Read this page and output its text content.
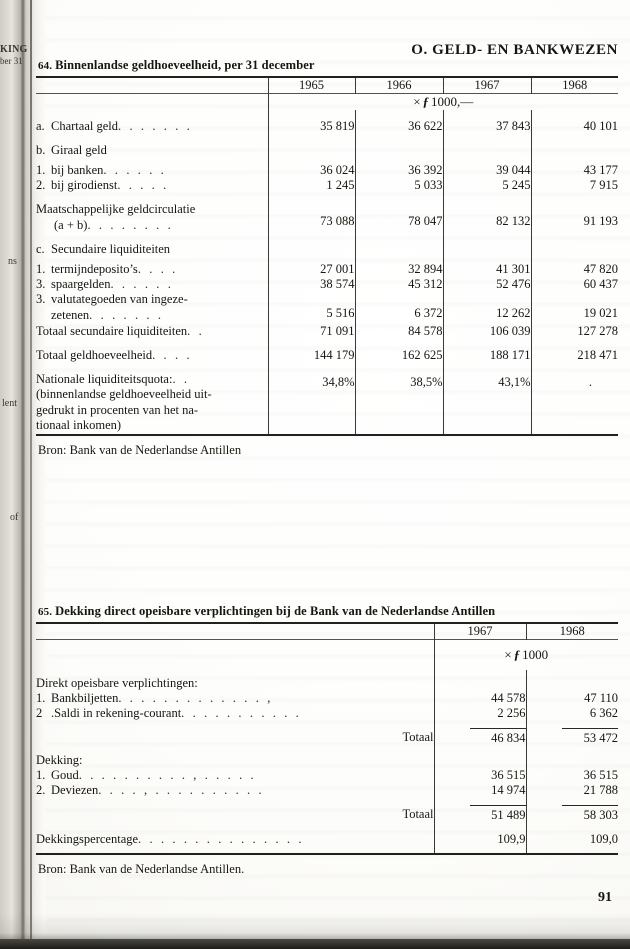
KING
ber 31
ns
lent
of
O. GELD- EN BANKWEZEN
64. Binnenlandse geldhoeveelheid, per 31 december
	1965	1966	1967	1968
	× ƒ 1000,—			

a. Chartaal geld. . . . . . .	35 819	36 622	37 843	40 101

b. Giraal geld				

1. bij banken. . . . . .	36 024	36 392	39 044	43 177
2. bij girodienst. . . . .	1 245	5 033	5 245	7 915

Maatschappelijke geldcirculatie
(a + b). . . . . . . .	73 088	78 047	82 132	91 193

c. Secundaire liquiditeiten				

1. termijndeposito’s. . . .	27 001	32 894	41 301	47 820
3. spaargelden. . . . . .	38 574	45 312	52 476	60 437
3. valutategoeden van ingeze-
zetenen. . . . . . .	5 516	6 372	12 262	19 021
Totaal secundaire liquiditeiten. .	71 091	84 578	106 039	127 278

Totaal geldhoeveelheid. . . .	144 179	162 625	188 171	218 471

Nationale liquiditeitsquota:. .
(binnenlandse geldhoeveelheid uit-
gedrukt in procenten van het na-
tionaal inkomen)	34,8%	38,5%	43,1%	.
Bron: Bank van de Nederlandse Antillen
65. Dekking direct opeisbare verplichtingen bij de Bank van de Nederlandse Antillen
	1967	1968
	× ƒ 1000	
Direkt opeisbare verplichtingen:		
1. Bankbiljetten. . . . . . . . . . . . . ,	44 578	47 110
2 .Saldi in rekening-courant. . . . . . . . . . .	2 256	6 362
Totaal	46 834	53 472
Dekking:		
1. Goud. . . . . . . . . . , . . . . .	36 515	36 515
2. Deviezen. . . . , . . . . . . . . . .	14 974	21 788
Totaal	51 489	58 303

Dekkingspercentage. . . . . . . . . . . . . . .	109,9	109,0
Bron: Bank van de Nederlandse Antillen.
91
